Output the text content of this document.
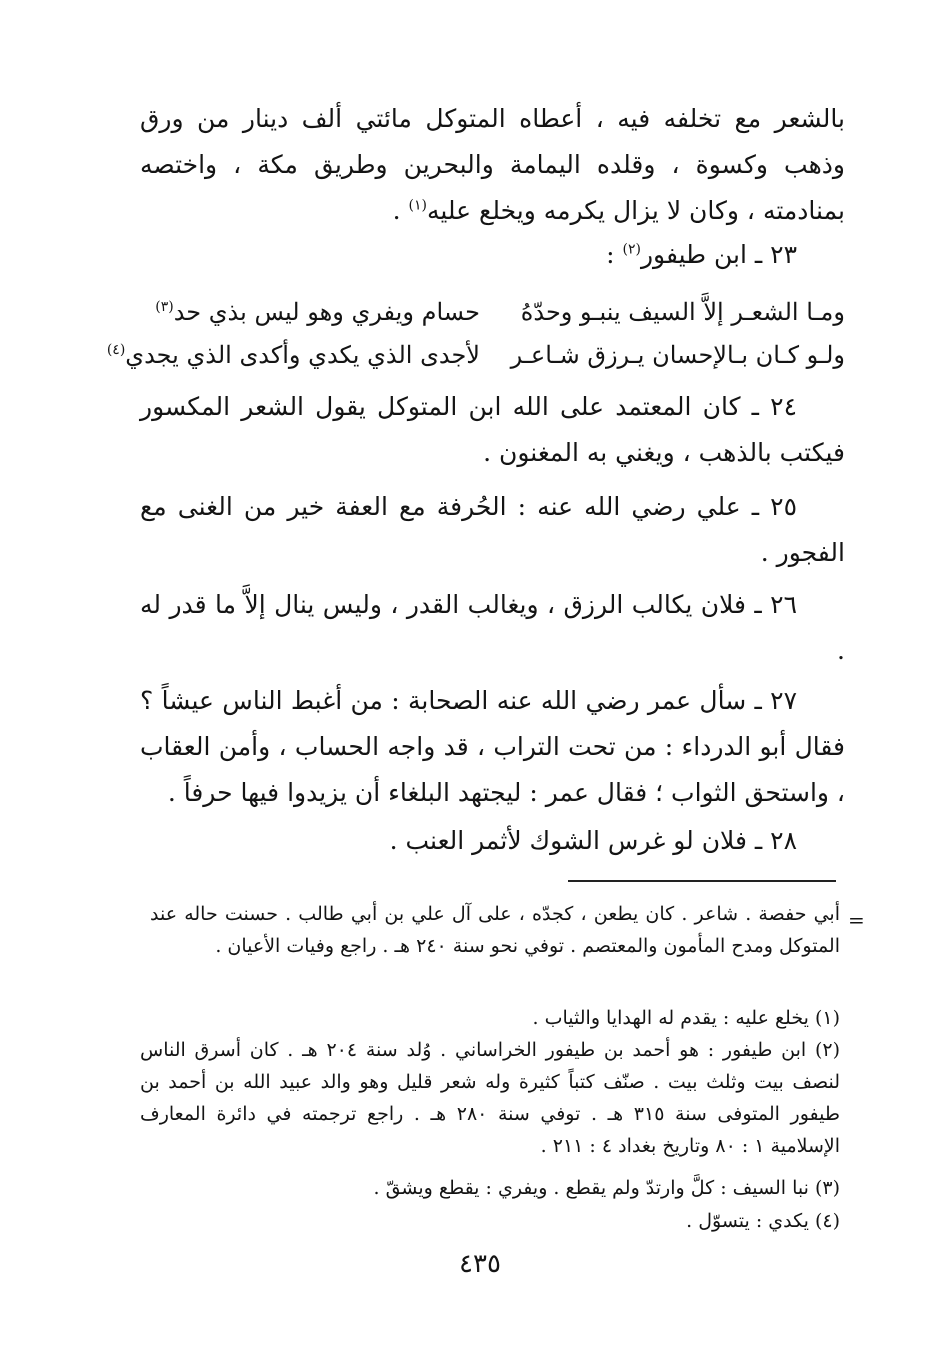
بالشعر مع تخلفه فيه ، أعطاه المتوكل مائتي ألف دينار من ورق وذهب وكسوة ، وقلده اليمامة والبحرين وطريق مكة ، واختصه بمنادمته ، وكان لا يزال يكرمه ويخلع عليه$^{(١)}$ .
٢٣ ـ ابن طيفور$^{(٢)}$ :
ومـا الشعـر إلاَّ السيف ينبـو وحدّهُ
حسام ويفري وهو ليس بذي حد$^{(٣)}$
ولـو كـان بـالإحسان يـرزق شـاعـر
لأجدى الذي يكدي وأكدى الذي يجدي$^{(٤)}$
٢٤ ـ كان المعتمد على الله ابن المتوكل يقول الشعر المكسور فيكتب بالذهب ، ويغني به المغنون .
٢٥ ـ علي رضي الله عنه : الحُرفة مع العفة خير من الغنى مع الفجور .
٢٦ ـ فلان يكالب الرزق ، ويغالب القدر ، وليس ينال إلاَّ ما قدر له .
٢٧ ـ سأل عمر رضي الله عنه الصحابة : من أغبط الناس عيشاً ؟ فقال أبو الدرداء : من تحت التراب ، قد واجه الحساب ، وأمن العقاب ، واستحق الثواب ؛ فقال عمر : ليجتهد البلغاء أن يزيدوا فيها حرفاً .
٢٨ ـ فلان لو غرس الشوك لأثمر العنب .
=
أبي حفصة . شاعر . كان يطعن ، كجدّه ، على آل علي بن أبي طالب . حسنت حاله عند المتوكل ومدح المأمون والمعتصم . توفي نحو سنة ٢٤٠ هـ . راجع وفيات الأعيان .
(١) يخلع عليه : يقدم له الهدايا والثياب .
(٢) ابن طيفور : هو أحمد بن طيفور الخراساني . وُلد سنة ٢٠٤ هـ . كان أسرق الناس لنصف بيت وثلث بيت . صنّف كتباً كثيرة وله شعر قليل وهو والد عبيد الله بن أحمد بن طيفور المتوفى سنة ٣١٥ هـ . توفي سنة ٢٨٠ هـ . راجع ترجمته في دائرة المعارف الإسلامية ١ : ٨٠ وتاريخ بغداد ٤ : ٢١١ .
(٣) نبا السيف : كلَّ وارتدّ ولم يقطع . ويفري : يقطع ويشقّ .
(٤) يكدي : يتسوّل .
٤٣٥
